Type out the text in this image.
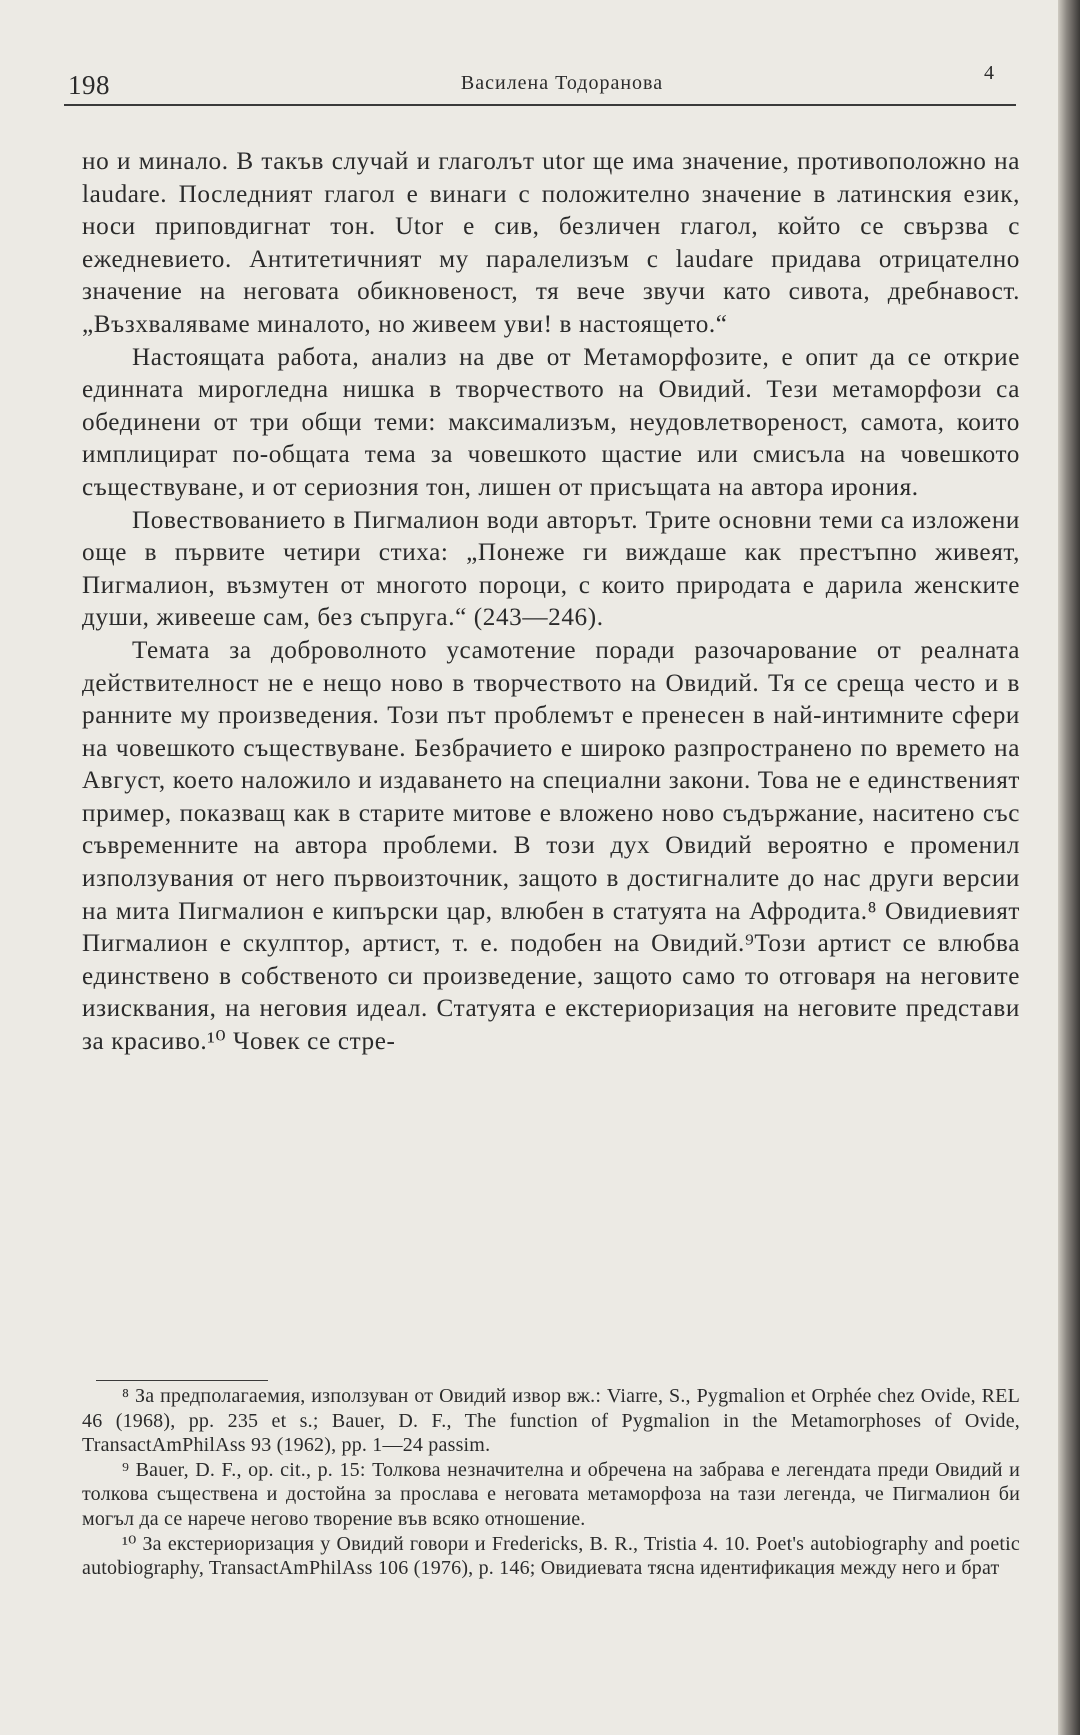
198	Василена Тодоранова	4

но и минало. В такъв случай и глаголът utor ще има значение, противоположно на laudare. Последният глагол е винаги с положително значение в латинския език, носи приповдигнат тон. Utor е сив, безличен глагол, който се свързва с ежедневието. Антитетичният му паралелизъм с laudare придава отрицателно значение на неговата обикновеност, тя вече звучи като сивота, дребнавост. „Възхваляваме миналото, но живеем уви! в настоящето.“

Настоящата работа, анализ на две от Метаморфозите, е опит да се открие единната мирогледна нишка в творчеството на Овидий. Тези метаморфози са обединени от три общи теми: максимализъм, неудовлетвореност, самота, които имплицират по-общата тема за човешкото щастие или смисъла на човешкото съществуване, и от сериозния тон, лишен от присъщата на автора ирония.

Повествованието в Пигмалион води авторът. Трите основни теми са изложени още в първите четири стиха: „Понеже ги виждаше как престъпно живеят, Пигмалион, възмутен от многото пороци, с които природата е дарила женските души, живееше сам, без съпруга.“ (243—246).

Темата за доброволното усамотение поради разочарование от реалната действителност не е нещо ново в творчеството на Овидий. Тя се среща често и в ранните му произведения. Този път проблемът е пренесен в най-интимните сфери на човешкото съществуване. Безбрачието е широко разпространено по времето на Август, което наложило и издаването на специални закони. Това не е единственият пример, показващ как в старите митове е вложено ново съдържание, наситено със съвременните на автора проблеми. В този дух Овидий вероятно е променил използувания от него първоизточник, защото в достигналите до нас други версии на мита Пигмалион е кипърски цар, влюбен в статуята на Афродита.⁸ Овидиевият Пигмалион е скулптор, артист, т. е. подобен на Овидий.⁹Този артист се влюбва единствено в собственото си произведение, защото само то отговаря на неговите изисквания, на неговия идеал. Статуята е екстериоризация на неговите представи за красиво.¹⁰ Човек се стре-

⁸ За предполагаемия, използуван от Овидий извор вж.: Viarre, S., Pygmalion et Orphée chez Ovide, REL 46 (1968), pp. 235 et s.; Bauer, D. F., The function of Pygmalion in the Metamorphoses of Ovide, TransactAmPhilAss 93 (1962), pp. 1—24 passim.

⁹ Bauer, D. F., op. cit., p. 15: Толкова незначителна и обречена на забрава е легендата преди Овидий и толкова съществена и достойна за прослава е неговата метаморфоза на тази легенда, че Пигмалион би могъл да се нарече негово творение във всяко отношение.

¹⁰ За екстериоризация у Овидий говори и Fredericks, B. R., Tristia 4. 10. Poet's autobiography and poetic autobiography, TransactAmPhilAss 106 (1976), p. 146; Овидиевата тясна идентификация между него и брат
